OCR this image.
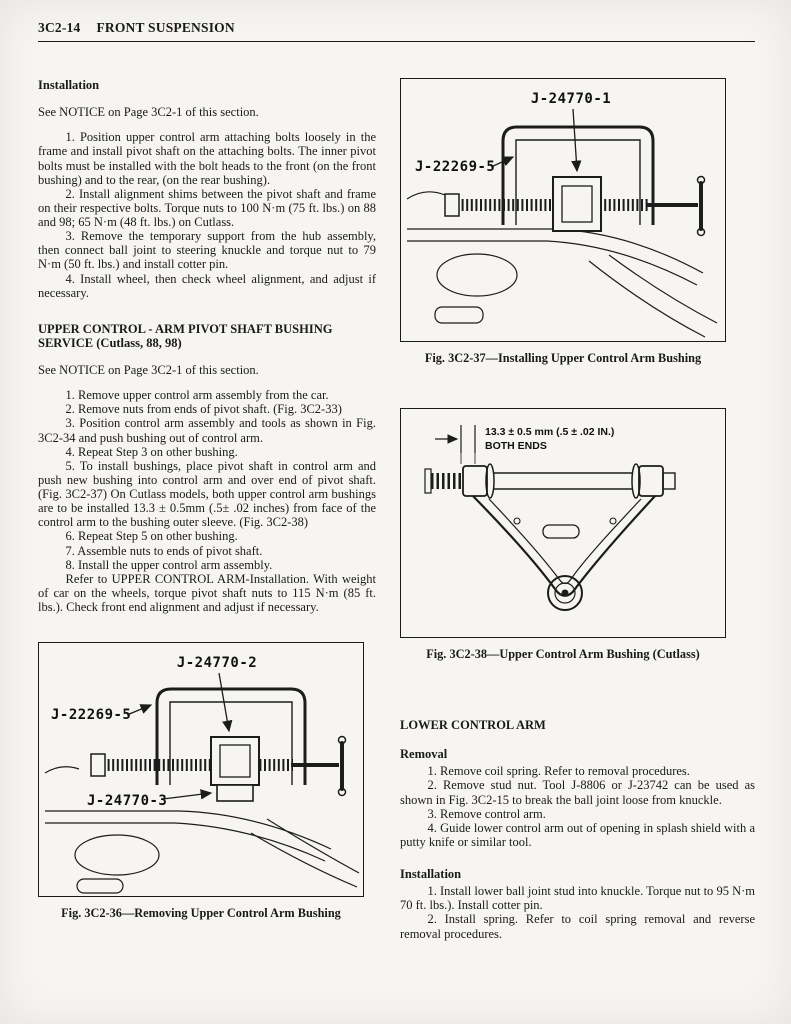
3C2-14 FRONT SUSPENSION
Installation

See NOTICE on Page 3C2-1 of this section.

1. Position upper control arm attaching bolts loosely in the frame and install pivot shaft on the attaching bolts. The inner pivot bolts must be installed with the bolt heads to the front (on the front bushing) and to the rear, (on the rear bushing).

2. Install alignment shims between the pivot shaft and frame on their respective bolts. Torque nuts to 100 N·m (75 ft. lbs.) on 88 and 98; 65 N·m (48 ft. lbs.) on Cutlass.

3. Remove the temporary support from the hub assembly, then connect ball joint to steering knuckle and torque nut to 79 N·m (50 ft. lbs.) and install cotter pin.

4. Install wheel, then check wheel alignment, and adjust if necessary.

UPPER CONTROL - ARM PIVOT SHAFT BUSHING SERVICE (Cutlass, 88, 98)

See NOTICE on Page 3C2-1 of this section.

1. Remove upper control arm assembly from the car.

2. Remove nuts from ends of pivot shaft. (Fig. 3C2-33)

3. Position control arm assembly and tools as shown in Fig. 3C2-34 and push bushing out of control arm.

4. Repeat Step 3 on other bushing.

5. To install bushings, place pivot shaft in control arm and push new bushing into control arm and over end of pivot shaft. (Fig. 3C2-37) On Cutlass models, both upper control arm bushings are to be installed 13.3 ± 0.5mm (.5± .02 inches) from face of the control arm to the bushing outer sleeve. (Fig. 3C2-38)

6. Repeat Step 5 on other bushing.

7. Assemble nuts to ends of pivot shaft.

8. Install the upper control arm assembly.

Refer to UPPER CONTROL ARM-Installation. With weight of car on the wheels, torque pivot shaft nuts to 115 N·m (85 ft. lbs.). Check front end alignment and adjust if necessary.

J-24770-2
J-22269-5
J-24770-3
Fig. 3C2-36—Removing Upper Control Arm Bushing
J-24770-1
J-22269-5
Fig. 3C2-37—Installing Upper Control Arm Bushing
13.3 ± 0.5 mm (.5 ± .02 IN.)
BOTH ENDS
Fig. 3C2-38—Upper Control Arm Bushing (Cutlass)
LOWER CONTROL ARM
Removal

1. Remove coil spring. Refer to removal procedures.

2. Remove stud nut. Tool J-8806 or J-23742 can be used as shown in Fig. 3C2-15 to break the ball joint loose from knuckle.

3. Remove control arm.

4. Guide lower control arm out of opening in splash shield with a putty knife or similar tool.

Installation

1. Install lower ball joint stud into knuckle. Torque nut to 95 N·m 70 ft. lbs.). Install cotter pin.

2. Install spring. Refer to coil spring removal and reverse removal procedures.
